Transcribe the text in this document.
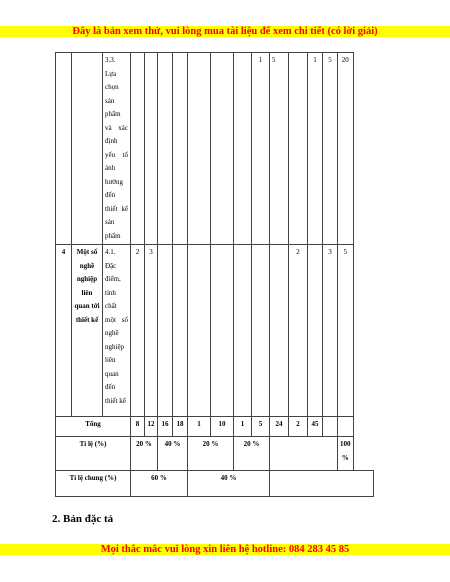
Đây là bản xem thử, vui lòng mua tài liệu để xem chi tiết (có lời giải)
		3.3. Lựa chọn sản phẩm và xác định yếu tố ảnh hưởng đến thiết kế sản phẩm								1	5		1	5	20
4	Một số nghề nghiệp liên quan tới thiết kế	4.1. Đặc điểm, tính chất một số nghề nghiệp liên quan đến thiết kế	2	3								2		3	5
Tổng			8	12	16	18	1	10	1	5	24	2	45		
Tỉ lệ (%)			20 %		40 %		20 %		20 %						100 %
Tỉ lệ chung (%)			60 %				40 %								
2. Bản đặc tả
Mọi thắc mắc vui lòng xin liên hệ hotline: 084 283 45 85
